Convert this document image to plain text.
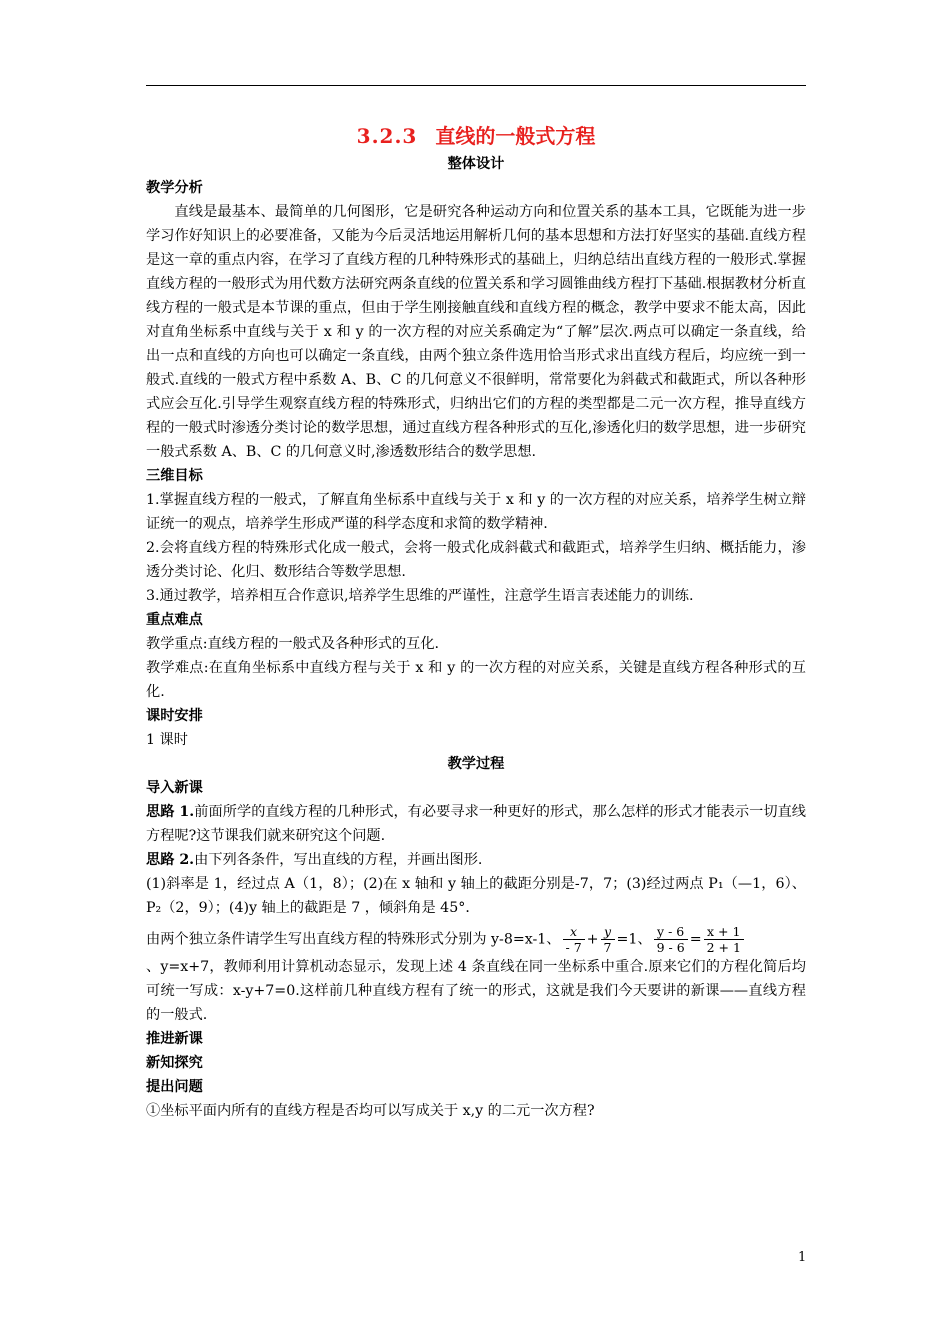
3.2.3 直线的一般式方程

整体设计

教学分析

直线是最基本、最简单的几何图形，它是研究各种运动方向和位置关系的基本工具，它既能为进一步学习作好知识上的必要准备，又能为今后灵活地运用解析几何的基本思想和方法打好坚实的基础.直线方程是这一章的重点内容，在学习了直线方程的几种特殊形式的基础上，归纳总结出直线方程的一般形式.掌握直线方程的一般形式为用代数方法研究两条直线的位置关系和学习圆锥曲线方程打下基础.根据教材分析直线方程的一般式是本节课的重点，但由于学生刚接触直线和直线方程的概念，教学中要求不能太高，因此对直角坐标系中直线与关于 x 和 y 的一次方程的对应关系确定为“了解”层次.两点可以确定一条直线，给出一点和直线的方向也可以确定一条直线，由两个独立条件选用恰当形式求出直线方程后，均应统一到一般式.直线的一般式方程中系数 A、B、C 的几何意义不很鲜明，常常要化为斜截式和截距式，所以各种形式应会互化.引导学生观察直线方程的特殊形式，归纳出它们的方程的类型都是二元一次方程，推导直线方程的一般式时渗透分类讨论的数学思想，通过直线方程各种形式的互化,渗透化归的数学思想，进一步研究一般式系数 A、B、C 的几何意义时,渗透数形结合的数学思想.

三维目标

1.掌握直线方程的一般式，了解直角坐标系中直线与关于 x 和 y 的一次方程的对应关系，培养学生树立辩证统一的观点，培养学生形成严谨的科学态度和求简的数学精神.

2.会将直线方程的特殊形式化成一般式，会将一般式化成斜截式和截距式，培养学生归纳、概括能力，渗透分类讨论、化归、数形结合等数学思想.

3.通过教学，培养相互合作意识,培养学生思维的严谨性，注意学生语言表述能力的训练.

重点难点

教学重点:直线方程的一般式及各种形式的互化.

教学难点:在直角坐标系中直线方程与关于 x 和 y 的一次方程的对应关系，关键是直线方程各种形式的互化.

课时安排

1 课时

教学过程

导入新课

思路 1.前面所学的直线方程的几种形式，有必要寻求一种更好的形式，那么怎样的形式才能表示一切直线方程呢?这节课我们就来研究这个问题.

思路 2.由下列各条件，写出直线的方程，并画出图形.

(1)斜率是 1，经过点 A（1，8）；(2)在 x 轴和 y 轴上的截距分别是-7，7；(3)经过两点 P₁（—1，6）、P₂（2，9）；(4)y 轴上的截距是 7 ，倾斜角是 45°．

由两个独立条件请学生写出直线方程的特殊形式分别为 y-8=x-1、 $\frac{x}{- 7} + \frac{y}{7} =1$、 $\frac{y - 6}{9 - 6} = \frac{x + 1}{2 + 1}$

、y=x+7，教师利用计算机动态显示，发现上述 4 条直线在同一坐标系中重合.原来它们的方程化简后均可统一写成：x-y+7=0.这样前几种直线方程有了统一的形式，这就是我们今天要讲的新课——直线方程的一般式.

推进新课

新知探究

提出问题

①坐标平面内所有的直线方程是否均可以写成关于 x,y 的二元一次方程?

1
